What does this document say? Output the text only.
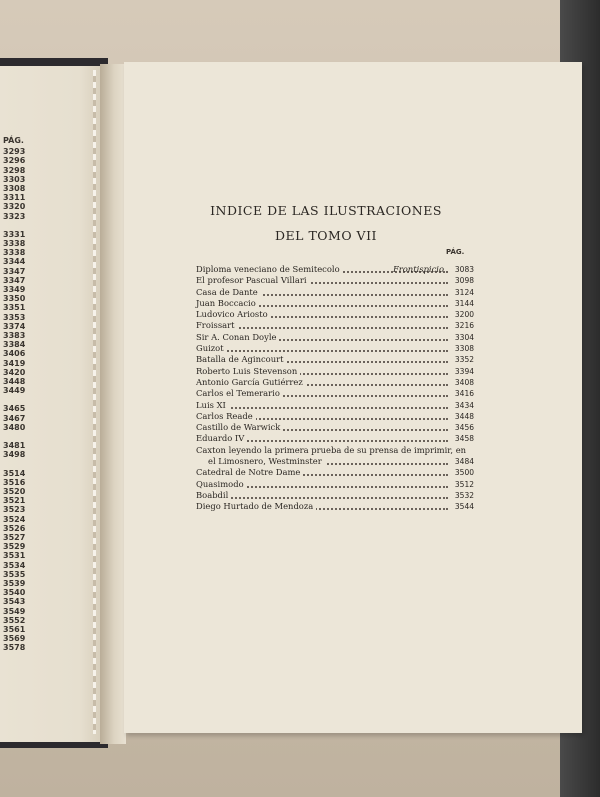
PÁG.
3293
3296
3298
3303
3308
3311
3320
3323
3331
3338
3338
3344
3347
3347
3349
3350
3351
3353
3374
3383
3384
3406
3419
3420
3448
3449
3465
3467
3480
3481
3498
3514
3516
3520
3521
3523
3524
3526
3527
3529
3531
3534
3535
3539
3540
3543
3549
3552
3561
3569
3578
INDICE DE LAS ILUSTRACIONES
DEL TOMO VII
PÁG.
Diploma veneciano de Semitecolo	Frontispicio 3083
El profesor Pascual Villari	3098
Casa de Dante	3124
Juan Boccacio	3144
Ludovico Ariosto	3200
Froissart	3216
Sir A. Conan Doyle	3304
Guizot	3308
Batalla de Agincourt	3352
Roberto Luis Stevenson	3394
Antonio García Gutiérrez	3408
Carlos el Temerario	3416
Luis XI	3434
Carlos Reade	3448
Castillo de Warwick	3456
Eduardo IV	3458
Caxton leyendo la primera prueba de su prensa de imprimir, en
el Limosnero, Westminster	3484
Catedral de Notre Dame	3500
Quasimodo	3512
Boabdil	3532
Diego Hurtado de Mendoza	3544
